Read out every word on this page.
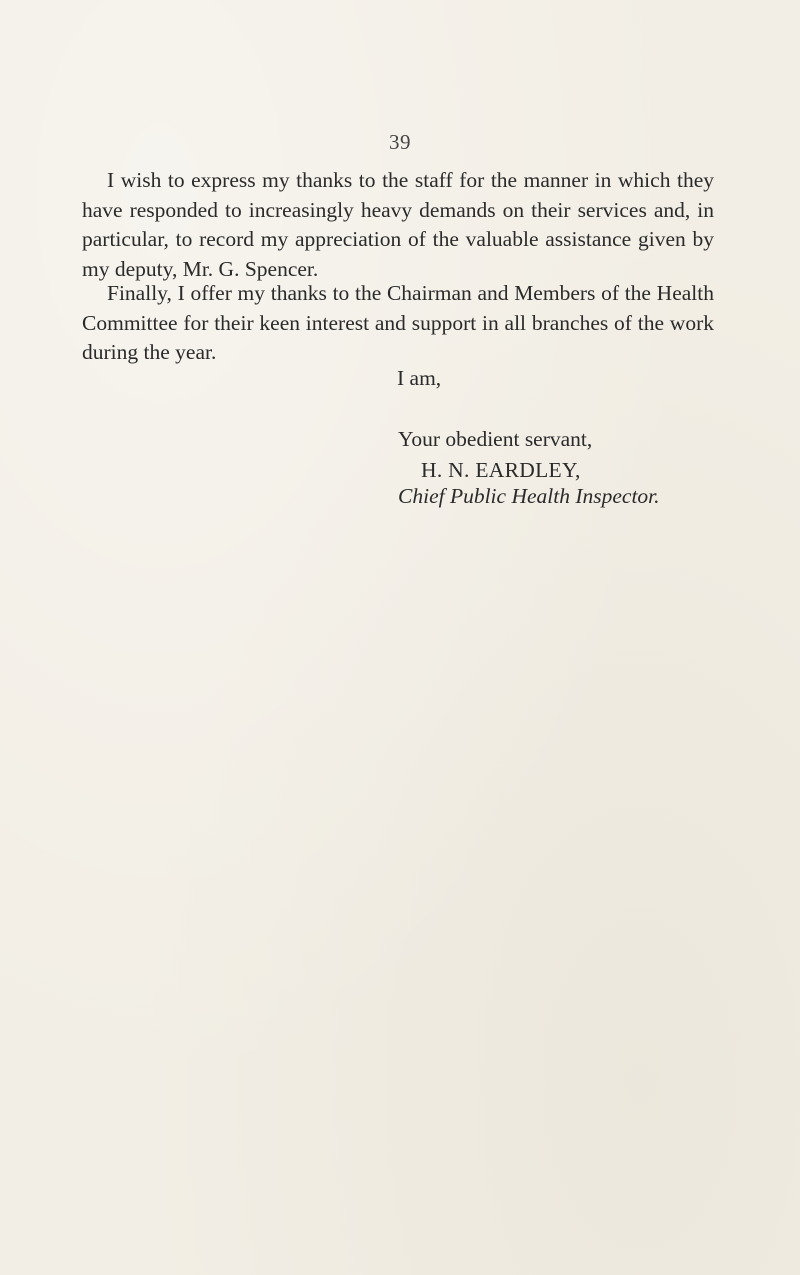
39

I wish to express my thanks to the staff for the manner in which they have responded to increasingly heavy demands on their services and, in particular, to record my appreciation of the valuable assistance given by my deputy, Mr. G. Spencer.

Finally, I offer my thanks to the Chairman and Members of the Health Committee for their keen interest and support in all branches of the work during the year.

I am,
Your obedient servant,
H. N. EARDLEY,
Chief Public Health Inspector.
